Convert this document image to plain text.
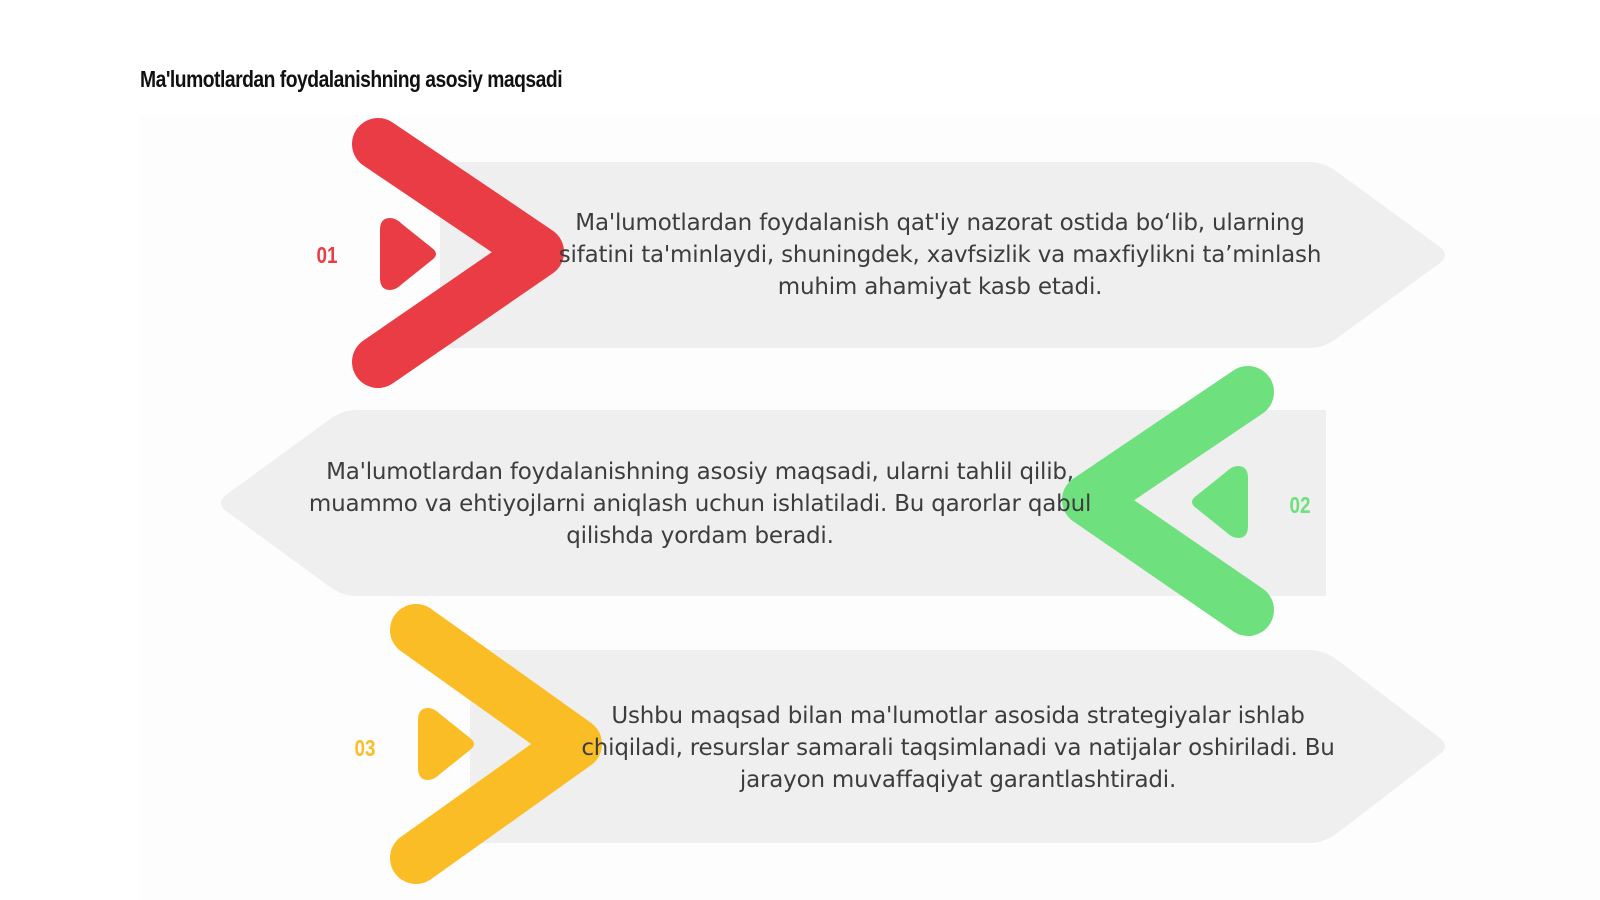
Ma'lumotlardan foydalanishning asosiy maqsadi
01
Ma'lumotlardan foydalanish qat'iy nazorat ostida bo‘lib, ularning sifatini ta'minlaydi, shuningdek, xavfsizlik va maxfiylikni ta’minlash muhim ahamiyat kasb etadi.
02
Ma'lumotlardan foydalanishning asosiy maqsadi, ularni tahlil qilib, muammo va ehtiyojlarni aniqlash uchun ishlatiladi. Bu qarorlar qabul qilishda yordam beradi.
03
Ushbu maqsad bilan ma'lumotlar asosida strategiyalar ishlab chiqiladi, resurslar samarali taqsimlanadi va natijalar oshiriladi. Bu jarayon muvaffaqiyat garantlashtiradi.
